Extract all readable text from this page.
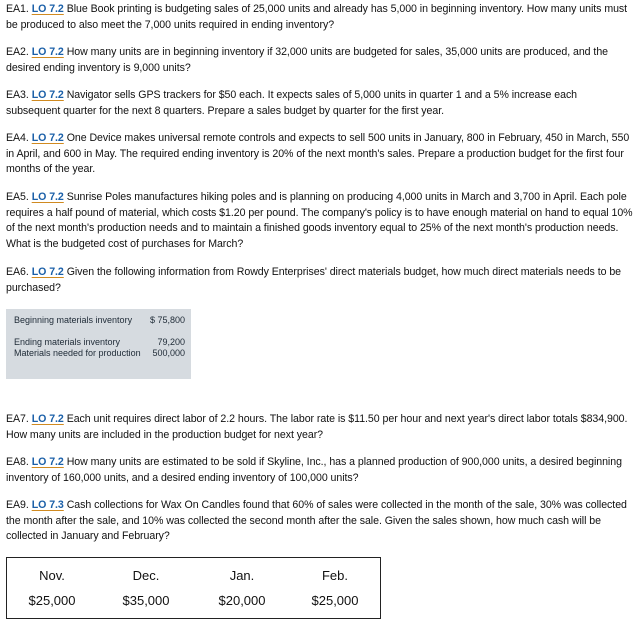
EA1. LO 7.2 Blue Book printing is budgeting sales of 25,000 units and already has 5,000 in beginning inventory. How many units must be produced to also meet the 7,000 units required in ending inventory?
EA2. LO 7.2 How many units are in beginning inventory if 32,000 units are budgeted for sales, 35,000 units are produced, and the desired ending inventory is 9,000 units?
EA3. LO 7.2 Navigator sells GPS trackers for $50 each. It expects sales of 5,000 units in quarter 1 and a 5% increase each subsequent quarter for the next 8 quarters. Prepare a sales budget by quarter for the first year.
EA4. LO 7.2 One Device makes universal remote controls and expects to sell 500 units in January, 800 in February, 450 in March, 550 in April, and 600 in May. The required ending inventory is 20% of the next month's sales. Prepare a production budget for the first four months of the year.
EA5. LO 7.2 Sunrise Poles manufactures hiking poles and is planning on producing 4,000 units in March and 3,700 in April. Each pole requires a half pound of material, which costs $1.20 per pound. The company's policy is to have enough material on hand to equal 10% of the next month's production needs and to maintain a finished goods inventory equal to 25% of the next month's production needs. What is the budgeted cost of purchases for March?
EA6. LO 7.2 Given the following information from Rowdy Enterprises' direct materials budget, how much direct materials needs to be purchased?
Beginning materials inventory	$ 75,800
Ending materials inventory	79,200
Materials needed for production 500,000
EA7. LO 7.2 Each unit requires direct labor of 2.2 hours. The labor rate is $11.50 per hour and next year's direct labor totals $834,900. How many units are included in the production budget for next year?
EA8. LO 7.2 How many units are estimated to be sold if Skyline, Inc., has a planned production of 900,000 units, a desired beginning inventory of 160,000 units, and a desired ending inventory of 100,000 units?
EA9. LO 7.3 Cash collections for Wax On Candles found that 60% of sales were collected in the month of the sale, 30% was collected the month after the sale, and 10% was collected the second month after the sale. Given the sales shown, how much cash will be collected in January and February?
Nov.	Dec.	Jan.	Feb.
$25,000	$35,000	$20,000	$25,000
